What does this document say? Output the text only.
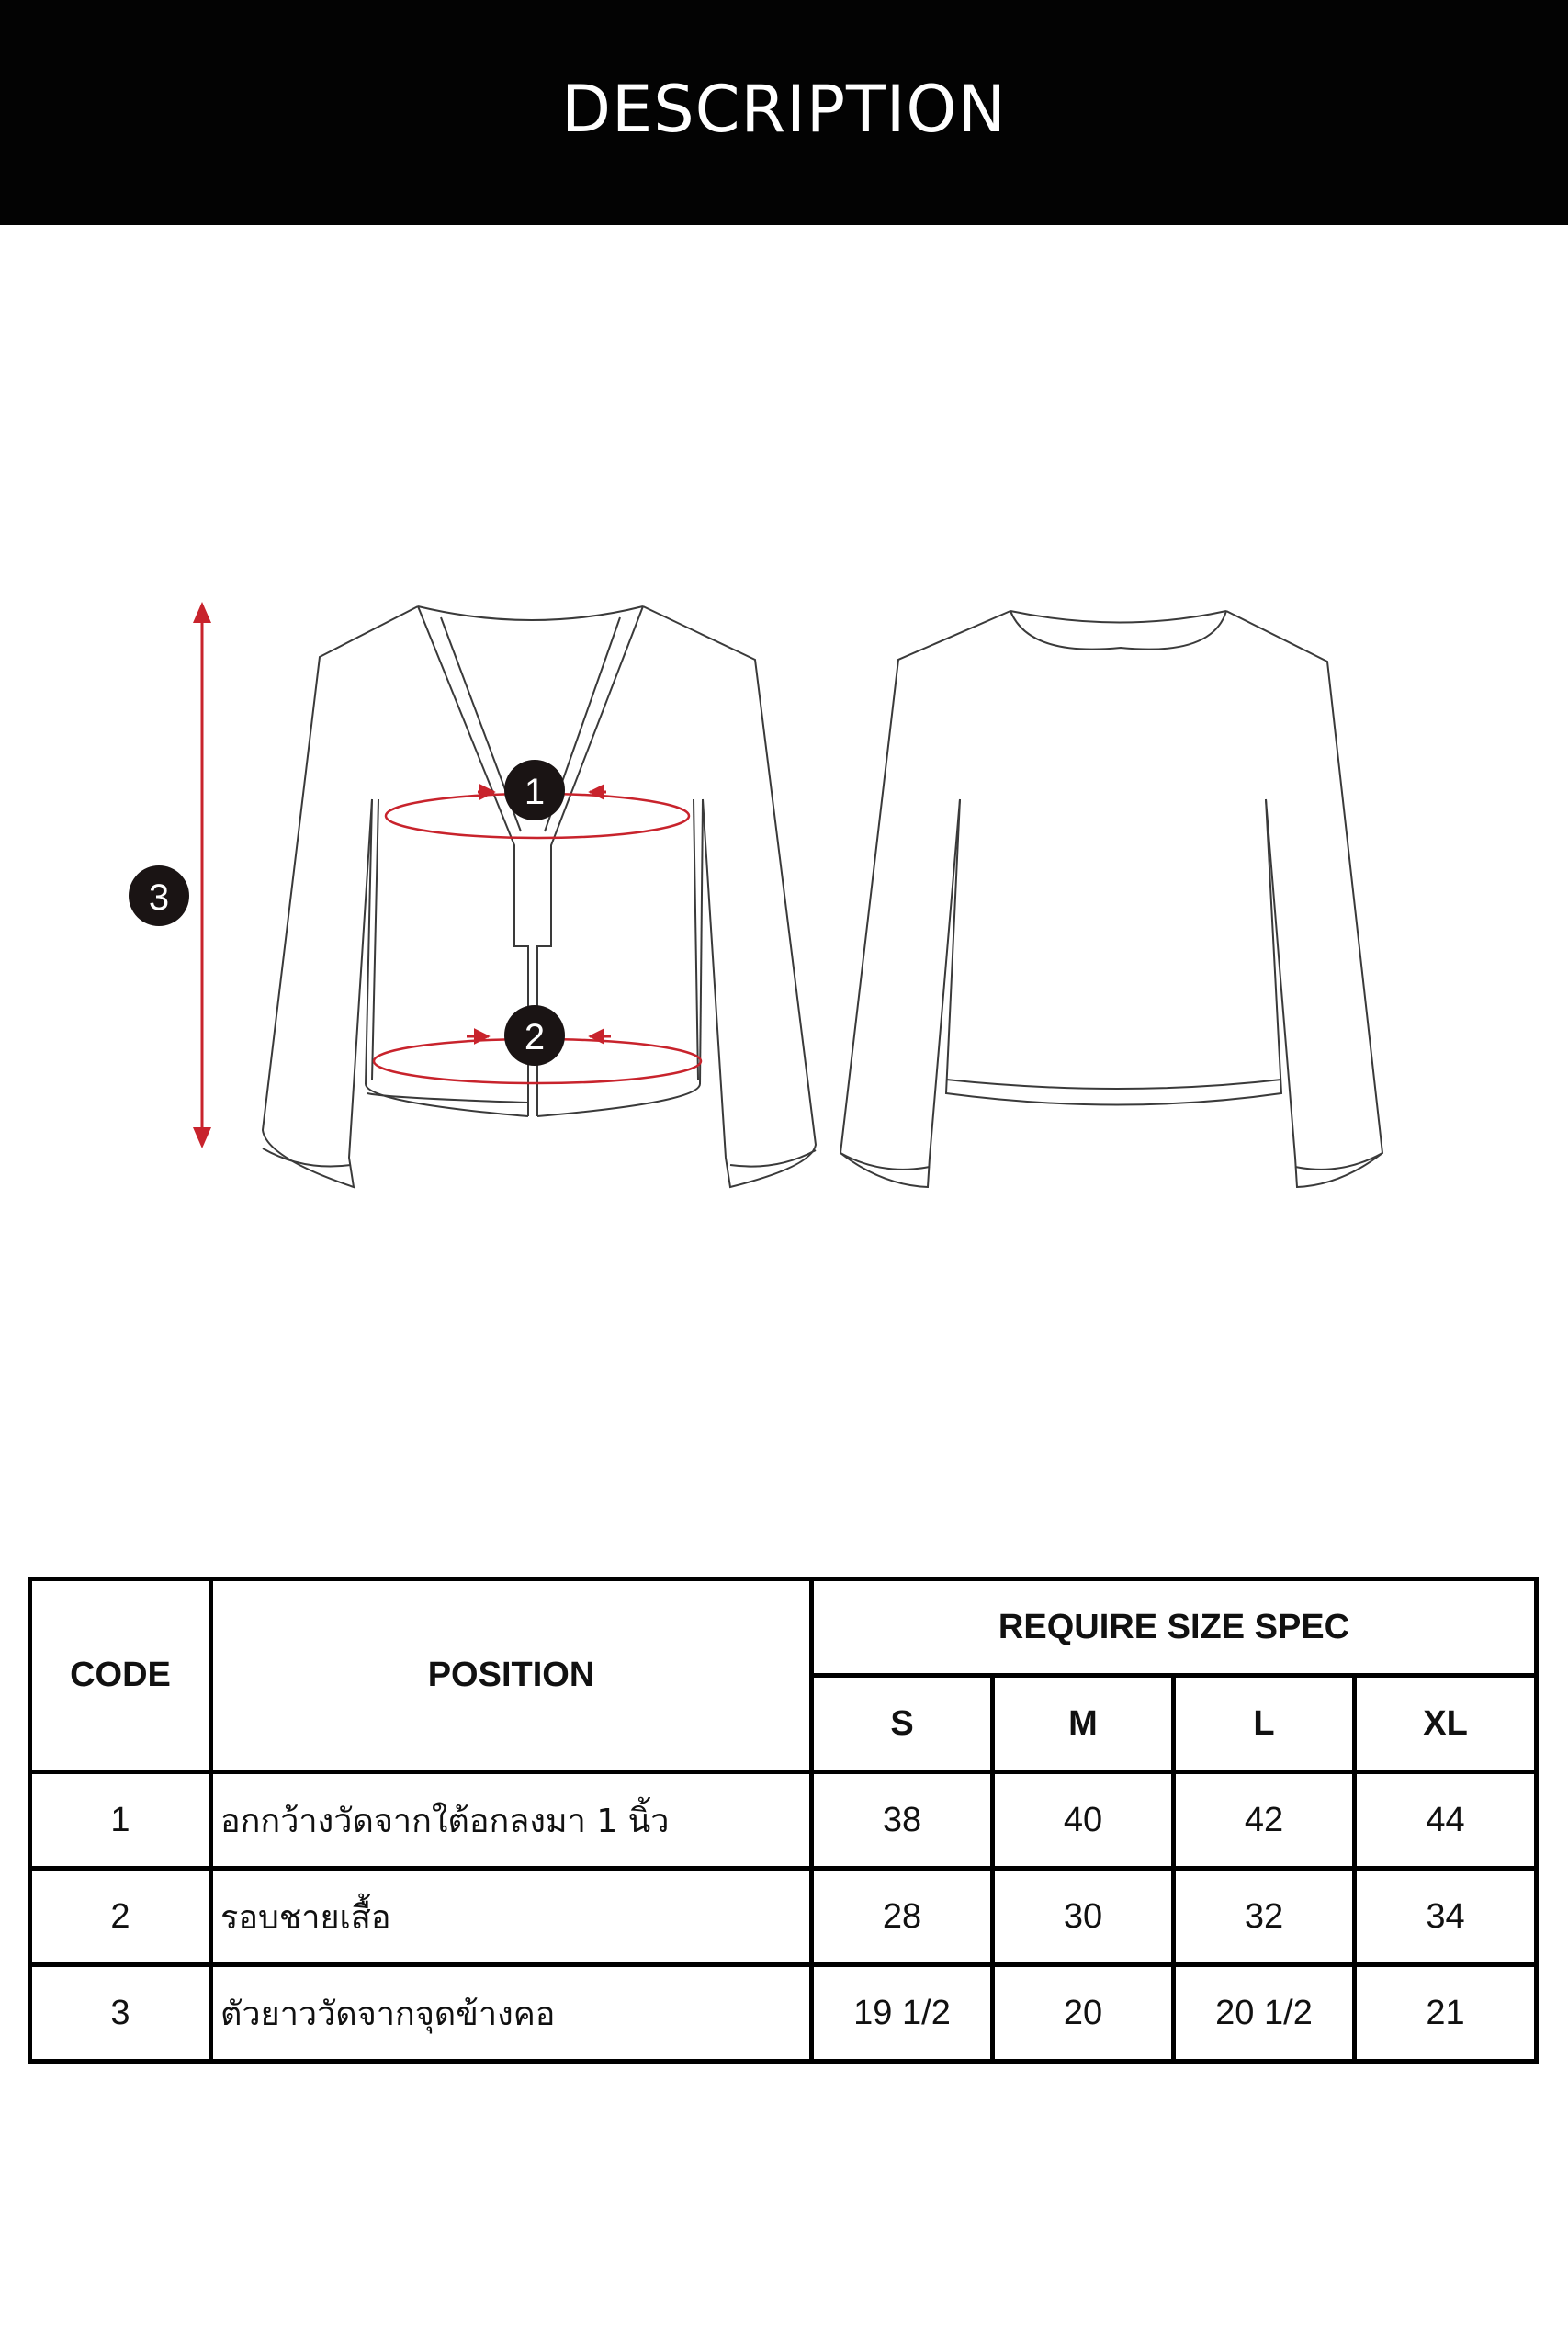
DESCRIPTION
1
2
3
CODE	POSITION	REQUIRE SIZE SPEC			
		S	M	L	XL
1	อกกว้างวัดจากใต้อกลงมา 1 นิ้ว	38	40	42	44
2	รอบชายเสื้อ	28	30	32	34
3	ตัวยาววัดจากจุดข้างคอ	19 1/2	20	20 1/2	21
